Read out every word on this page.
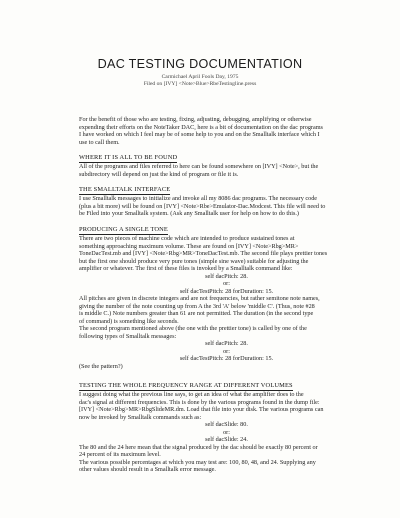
DAC TESTING DOCUMENTATION

Carmichael April Fools Day, 1975

Filed on [IVY] <Note>Blue>RbeTestingline.press

For the benefit of those who are testing, fixing, adjusting, debugging, amplifying or otherwise
expending their efforts on the NoteTaker DAC, here is a bit of documentation on the dac programs
I have worked on which I feel may be of some help to you and on the Smalltalk interface which I
use to call them.
WHERE IT IS ALL TO BE FOUND
All of the programs and files referred to here can be found somewhere on [IVY] <Note>, but the
subdirectory will depend on just the kind of program or file it is.
THE SMALLTALK INTERFACE
I use Smalltalk messages to initialize and invoke all my 8086 dac programs. The necessary code
(plus a bit more) will be found on [IVY] <Note>Rbe>Emulator-Dac.Modcest. This file will need to
be Filed into your Smalltalk system. (Ask any Smalltalk user for help on how to do this.)
PRODUCING A SINGLE TONE
There are two pieces of machine code which are intended to produce sustained tones at
something approaching maximum volume. These are found on [IVY] <Note>Rbg>MR>
ToneDacTest.mb and [IVY] <Note>Rbg>MR>ToneDacTest.mb. The second file plays prettier tones
but the first one should produce very pure tones (simple sine wave) suitable for adjusting the
amplifier or whatever. The first of these files is invoked by a Smalltalk command like:
self dacPitch: 28.
or:
self dacTestPitch: 28 forDuration: 15.
All pitches are given in discrete integers and are not frequencies, but rather semitone note names,
giving the number of the note counting up from A the 3rd 'A' below 'middle C'. (Thus, note #28
is middle C.) Note numbers greater than 61 are not permitted. The duration (in the second type
of command) is something like seconds.
The second program mentioned above (the one with the prettier tone) is called by one of the
following types of Smalltalk messages:
self dacPitch: 28.
or:
self dacTestPitch: 28 forDuration: 15.
(See the pattern?)
TESTING THE WHOLE FREQUENCY RANGE AT DIFFERENT VOLUMES
I suggest doing what the previous line says, to get an idea of what the amplifier does to the
dac's signal at different frequencies. This is done by the various programs found in the dump file:
[IVY] <Note>Rbg>MR>RbgSlideMR.dm. Load that file into your disk. The various programs can
now be invoked by Smalltalk commands such as:
self dacSlide: 80.
or:
self dacSlide: 24.
The 80 and the 24 here mean that the signal produced by the dac should be exactly 80 percent or
24 percent of its maximum level.
The various possible percentages at which you may test are: 100, 80, 48, and 24. Supplying any
other values should result in a Smalltalk error message.
